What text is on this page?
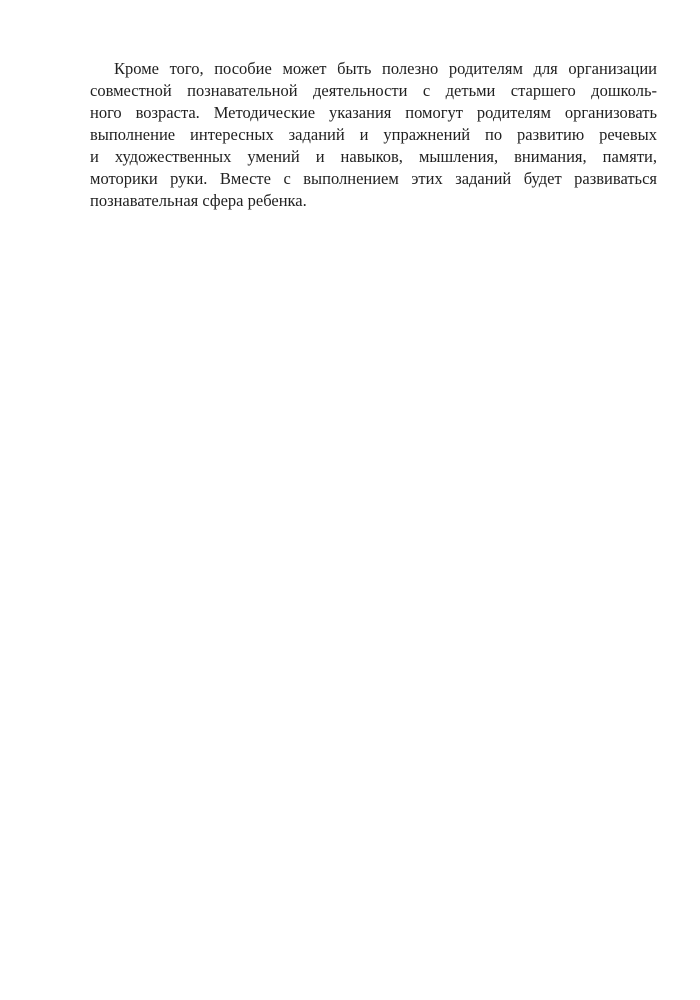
Кроме того, пособие может быть полезно родителям для организации
совместной познавательной деятельности с детьми старшего дошколь-
ного возраста. Методические указания помогут родителям организовать
выполнение интересных заданий и упражнений по развитию речевых
и художественных умений и навыков, мышления, внимания, памяти,
моторики руки. Вместе с выполнением этих заданий будет развиваться
познавательная сфера ребенка.
